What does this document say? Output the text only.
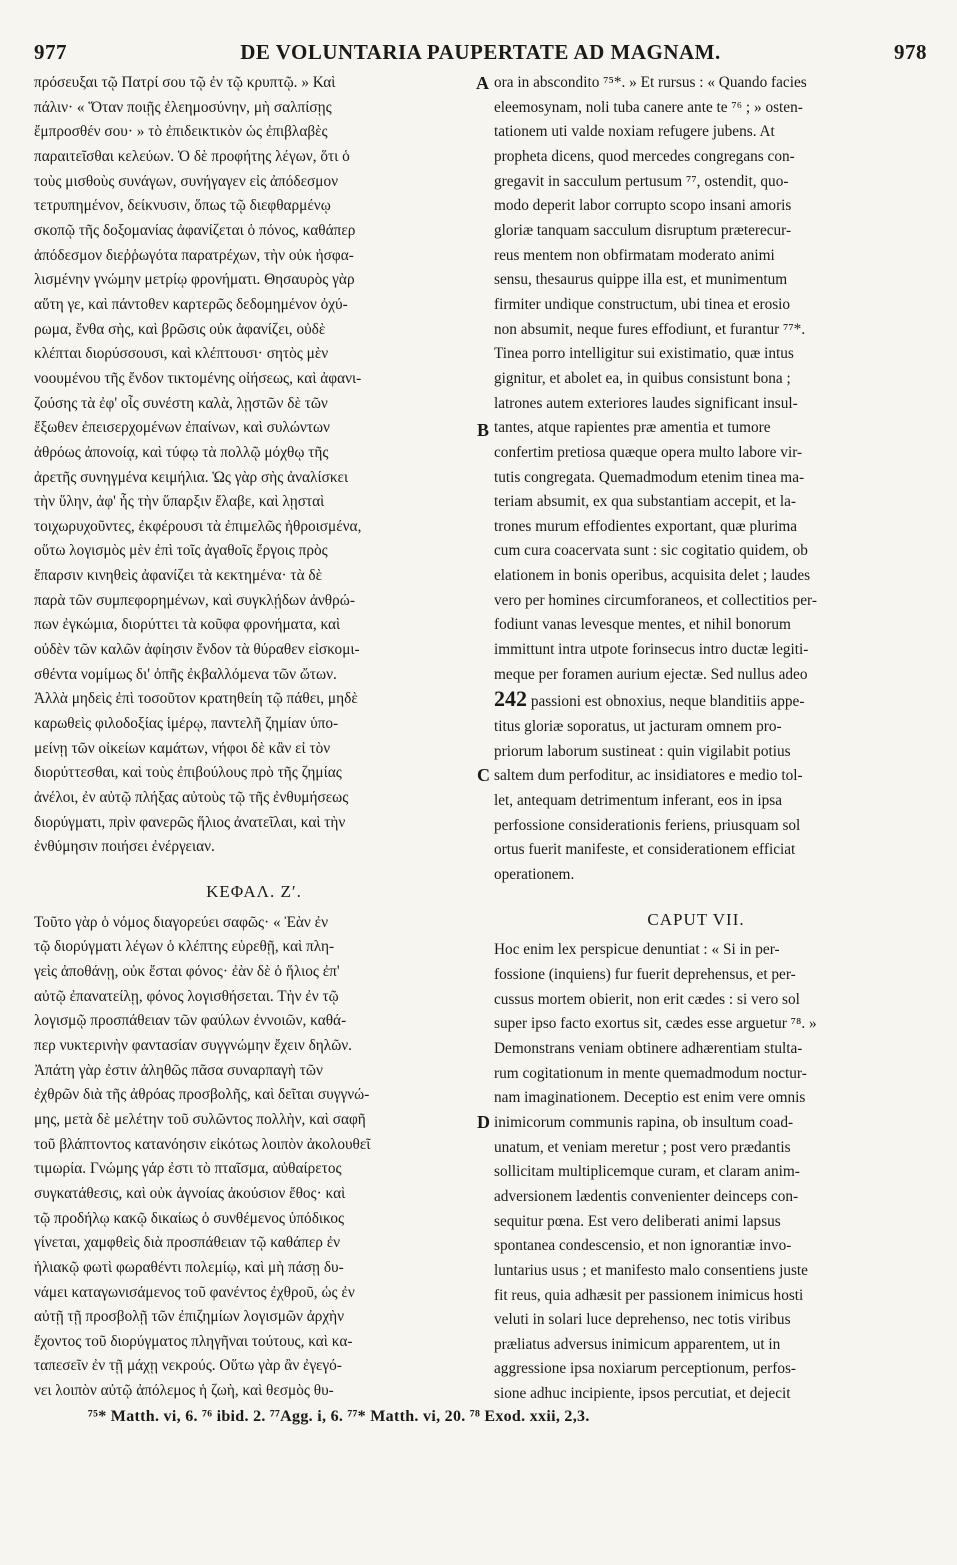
977	DE VOLUNTARIA PAUPERTATE AD MAGNAM.	978
A
B
C
D
πρόσευξαι τῷ Πατρί σου τῷ ἐν τῷ κρυπτῷ. » Καὶ
πάλιν· « Ὅταν ποιῇς ἐλεημοσύνην, μὴ σαλπίσῃς
ἔμπροσθέν σου· » τὸ ἐπιδεικτικὸν ὡς ἐπιβλαβὲς
παραιτεῖσθαι κελεύων. Ὁ δὲ προφήτης λέγων, ὅτι ὁ
τοὺς μισθοὺς συνάγων, συνήγαγεν εἰς ἀπόδεσμον
τετρυπημένον, δείκνυσιν, ὅπως τῷ διεφθαρμένῳ
σκοπῷ τῆς δοξομανίας ἀφανίζεται ὁ πόνος, καθάπερ
ἀπόδεσμον διεῤῥωγότα παρατρέχων, τὴν οὐκ ἠσφα-
λισμένην γνώμην μετρίῳ φρονήματι. Θησαυρὸς γὰρ
αὕτη γε, καὶ πάντοθεν καρτερῶς δεδομημένον ὀχύ-
ρωμα, ἔνθα σὴς, καὶ βρῶσις οὐκ ἀφανίζει, οὐδὲ
κλέπται διορύσσουσι, καὶ κλέπτουσι· σητὸς μὲν
νοουμένου τῆς ἔνδον τικτομένης οἰήσεως, καὶ ἀφανι-
ζούσης τὰ ἐφ' οἷς συνέστη καλὰ, λῃστῶν δὲ τῶν
ἔξωθεν ἐπεισερχομένων ἐπαίνων, καὶ συλώντων
ἀθρόως ἀπονοίᾳ, καὶ τύφῳ τὰ πολλῷ μόχθῳ τῆς
ἀρετῆς συνηγμένα κειμήλια. Ὡς γὰρ σὴς ἀναλίσκει
τὴν ὕλην, ἀφ' ἧς τὴν ὕπαρξιν ἔλαβε, καὶ λῃσταὶ
τοιχωρυχοῦντες, ἐκφέρουσι τὰ ἐπιμελῶς ἠθροισμένα,
οὕτω λογισμὸς μὲν ἐπὶ τοῖς ἀγαθοῖς ἔργοις πρὸς
ἔπαρσιν κινηθεὶς ἀφανίζει τὰ κεκτημένα· τὰ δὲ
παρὰ τῶν συμπεφορημένων, καὶ συγκλῄδων ἀνθρώ-
πων ἐγκώμια, διορύττει τὰ κοῦφα φρονήματα, καὶ
οὐδὲν τῶν καλῶν ἀφίησιν ἔνδον τὰ θύραθεν εἰσκομι-
σθέντα νομίμως δι' ὀπῆς ἐκβαλλόμενα τῶν ὤτων.
Ἀλλὰ μηδεὶς ἐπὶ τοσοῦτον κρατηθείη τῷ πάθει, μηδὲ
καρωθεὶς φιλοδοξίας ἱμέρῳ, παντελῆ ζημίαν ὑπο-
μείνῃ τῶν οἰκείων καμάτων, νήφοι δὲ κἂν εἰ τὸν
διορύττεσθαι, καὶ τοὺς ἐπιβούλους πρὸ τῆς ζημίας
ἀνέλοι, ἐν αὐτῷ πλήξας αὐτοὺς τῷ τῆς ἐνθυμήσεως
διορύγματι, πρὶν φανερῶς ἥλιος ἀνατεῖλαι, καὶ τὴν
ἐνθύμησιν ποιήσει ἐνέργειαν.
ΚΕΦΑΛ. Ζʹ.
Τοῦτο γὰρ ὁ νόμος διαγορεύει σαφῶς· « Ἐὰν ἐν
τῷ διορύγματι λέγων ὁ κλέπτης εὑρεθῇ, καὶ πλη-
γεὶς ἀποθάνῃ, οὐκ ἔσται φόνος· ἐὰν δὲ ὁ ἥλιος ἐπ'
αὐτῷ ἐπανατείλῃ, φόνος λογισθήσεται. Τὴν ἐν τῷ
λογισμῷ προσπάθειαν τῶν φαύλων ἐννοιῶν, καθά-
περ νυκτερινὴν φαντασίαν συγγνώμην ἔχειν δηλῶν.
Ἀπάτη γὰρ ἐστιν ἀληθῶς πᾶσα συναρπαγὴ τῶν
ἐχθρῶν διὰ τῆς ἀθρόας προσβολῆς, καὶ δεῖται συγγνώ-
μης, μετὰ δὲ μελέτην τοῦ συλῶντος πολλὴν, καὶ σαφῆ
τοῦ βλάπτοντος κατανόησιν εἰκότως λοιπὸν ἀκολουθεῖ
τιμωρία. Γνώμης γάρ ἐστι τὸ πταῖσμα, αὐθαίρετος
συγκατάθεσις, καὶ οὐκ ἀγνοίας ἀκούσιον ἔθος· καὶ
τῷ προδήλῳ κακῷ δικαίως ὁ συνθέμενος ὑπόδικος
γίνεται, χαμφθεὶς διὰ προσπάθειαν τῷ καθάπερ ἐν
ἡλιακῷ φωτὶ φωραθέντι πολεμίῳ, καὶ μὴ πάσῃ δυ-
νάμει καταγωνισάμενος τοῦ φανέντος ἐχθροῦ, ὡς ἐν
αὐτῇ τῇ προσβολῇ τῶν ἐπιζημίων λογισμῶν ἀρχὴν
ἔχοντος τοῦ διορύγματος πληγῆναι τούτους, καὶ κα-
ταπεσεῖν ἐν τῇ μάχῃ νεκρούς. Οὕτω γὰρ ἂν ἐγεγό-
νει λοιπὸν αὐτῷ ἀπόλεμος ἡ ζωὴ, καὶ θεσμὸς θυ-
ora in abscondito ⁷⁵*. » Et rursus : « Quando facies
eleemosynam, noli tuba canere ante te ⁷⁶ ; » osten-
tationem uti valde noxiam refugere jubens. At
propheta dicens, quod mercedes congregans con-
gregavit in sacculum pertusum ⁷⁷, ostendit, quo-
modo deperit labor corrupto scopo insani amoris
gloriæ tanquam sacculum disruptum præterecur-
reus mentem non obfirmatam moderato animi
sensu, thesaurus quippe illa est, et munimentum
firmiter undique constructum, ubi tinea et erosio
non absumit, neque fures effodiunt, et furantur ⁷⁷*.
Tinea porro intelligitur sui existimatio, quæ intus
gignitur, et abolet ea, in quibus consistunt bona ;
latrones autem exteriores laudes significant insul-
tantes, atque rapientes præ amentia et tumore
confertim pretiosa quæque opera multo labore vir-
tutis congregata. Quemadmodum etenim tinea ma-
teriam absumit, ex qua substantiam accepit, et la-
trones murum effodientes exportant, quæ plurima
cum cura coacervata sunt : sic cogitatio quidem, ob
elationem in bonis operibus, acquisita delet ; laudes
vero per homines circumforaneos, et collectitios per-
fodiunt vanas levesque mentes, et nihil bonorum
immittunt intra utpote forinsecus intro ductæ legiti-
meque per foramen aurium ejectæ. Sed nullus adeo
242 passioni est obnoxius, neque blanditiis appe-
titus gloriæ soporatus, ut jacturam omnem pro-
priorum laborum sustineat : quin vigilabit potius
saltem dum perfoditur, ac insidiatores e medio tol-
let, antequam detrimentum inferant, eos in ipsa
perfossione considerationis feriens, priusquam sol
ortus fuerit manifeste, et considerationem efficiat
operationem.
CAPUT VII.
Hoc enim lex perspicue denuntiat : « Si in per-
fossione (inquiens) fur fuerit deprehensus, et per-
cussus mortem obierit, non erit cædes : si vero sol
super ipso facto exortus sit, cædes esse arguetur ⁷⁸. »
Demonstrans veniam obtinere adhærentiam stulta-
rum cogitationum in mente quemadmodum noctur-
nam imaginationem. Deceptio est enim vere omnis
inimicorum communis rapina, ob insultum coad-
unatum, et veniam meretur ; post vero prædantis
sollicitam multiplicemque curam, et claram anim-
adversionem lædentis convenienter deinceps con-
sequitur pœna. Est vero deliberati animi lapsus
spontanea condescensio, et non ignorantiæ invo-
luntarius usus ; et manifesto malo consentiens juste
fit reus, quia adhæsit per passionem inimicus hosti
veluti in solari luce deprehenso, nec totis viribus
præliatus adversus inimicum apparentem, ut in
aggressione ipsa noxiarum perceptionum, perfos-
sione adhuc incipiente, ipsos percutiat, et dejecit
⁷⁵* Matth. vi, 6. ⁷⁶ ibid. 2. ⁷⁷Agg. i, 6. ⁷⁷* Matth. vi, 20. ⁷⁸ Exod. xxii, 2,3.
